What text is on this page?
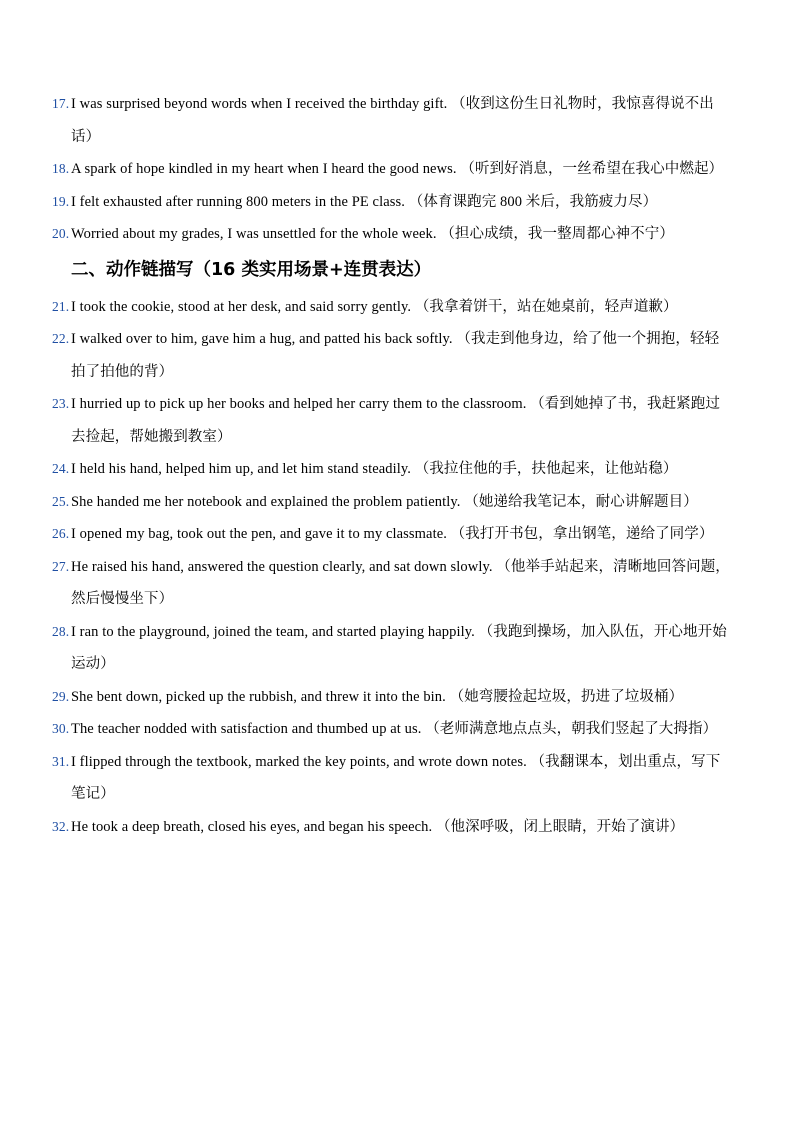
17. I was surprised beyond words when I received the birthday gift. （收到这份生日礼物时，我惊喜得说不出话）
18. A spark of hope kindled in my heart when I heard the good news. （听到好消息，一丝希望在我心中燃起）
19. I felt exhausted after running 800 meters in the PE class. （体育课跑完 800 米后，我筋疲力尽）
20. Worried about my grades, I was unsettled for the whole week. （担心成绩，我一整周都心神不宁）
二、动作链描写（16 类实用场景+连贯表达）
21. I took the cookie, stood at her desk, and said sorry gently. （我拿着饼干，站在她桌前，轻声道歉）
22. I walked over to him, gave him a hug, and patted his back softly. （我走到他身边，给了他一个拥抱，轻轻拍了拍他的背）
23. I hurried up to pick up her books and helped her carry them to the classroom. （看到她掉了书，我赶紧跑过去捡起，帮她搬到教室）
24. I held his hand, helped him up, and let him stand steadily. （我拉住他的手，扶他起来，让他站稳）
25. She handed me her notebook and explained the problem patiently. （她递给我笔记本，耐心讲解题目）
26. I opened my bag, took out the pen, and gave it to my classmate. （我打开书包，拿出钢笔，递给了同学）
27. He raised his hand, answered the question clearly, and sat down slowly. （他举手站起来，清晰地回答问题，然后慢慢坐下）
28. I ran to the playground, joined the team, and started playing happily. （我跑到操场，加入队伍，开心地开始运动）
29. She bent down, picked up the rubbish, and threw it into the bin. （她弯腰捡起垃圾，扔进了垃圾桶）
30. The teacher nodded with satisfaction and thumbed up at us. （老师满意地点点头，朝我们竖起了大拇指）
31. I flipped through the textbook, marked the key points, and wrote down notes. （我翻课本，划出重点，写下笔记）
32. He took a deep breath, closed his eyes, and began his speech. （他深呼吸，闭上眼睛，开始了演讲）
